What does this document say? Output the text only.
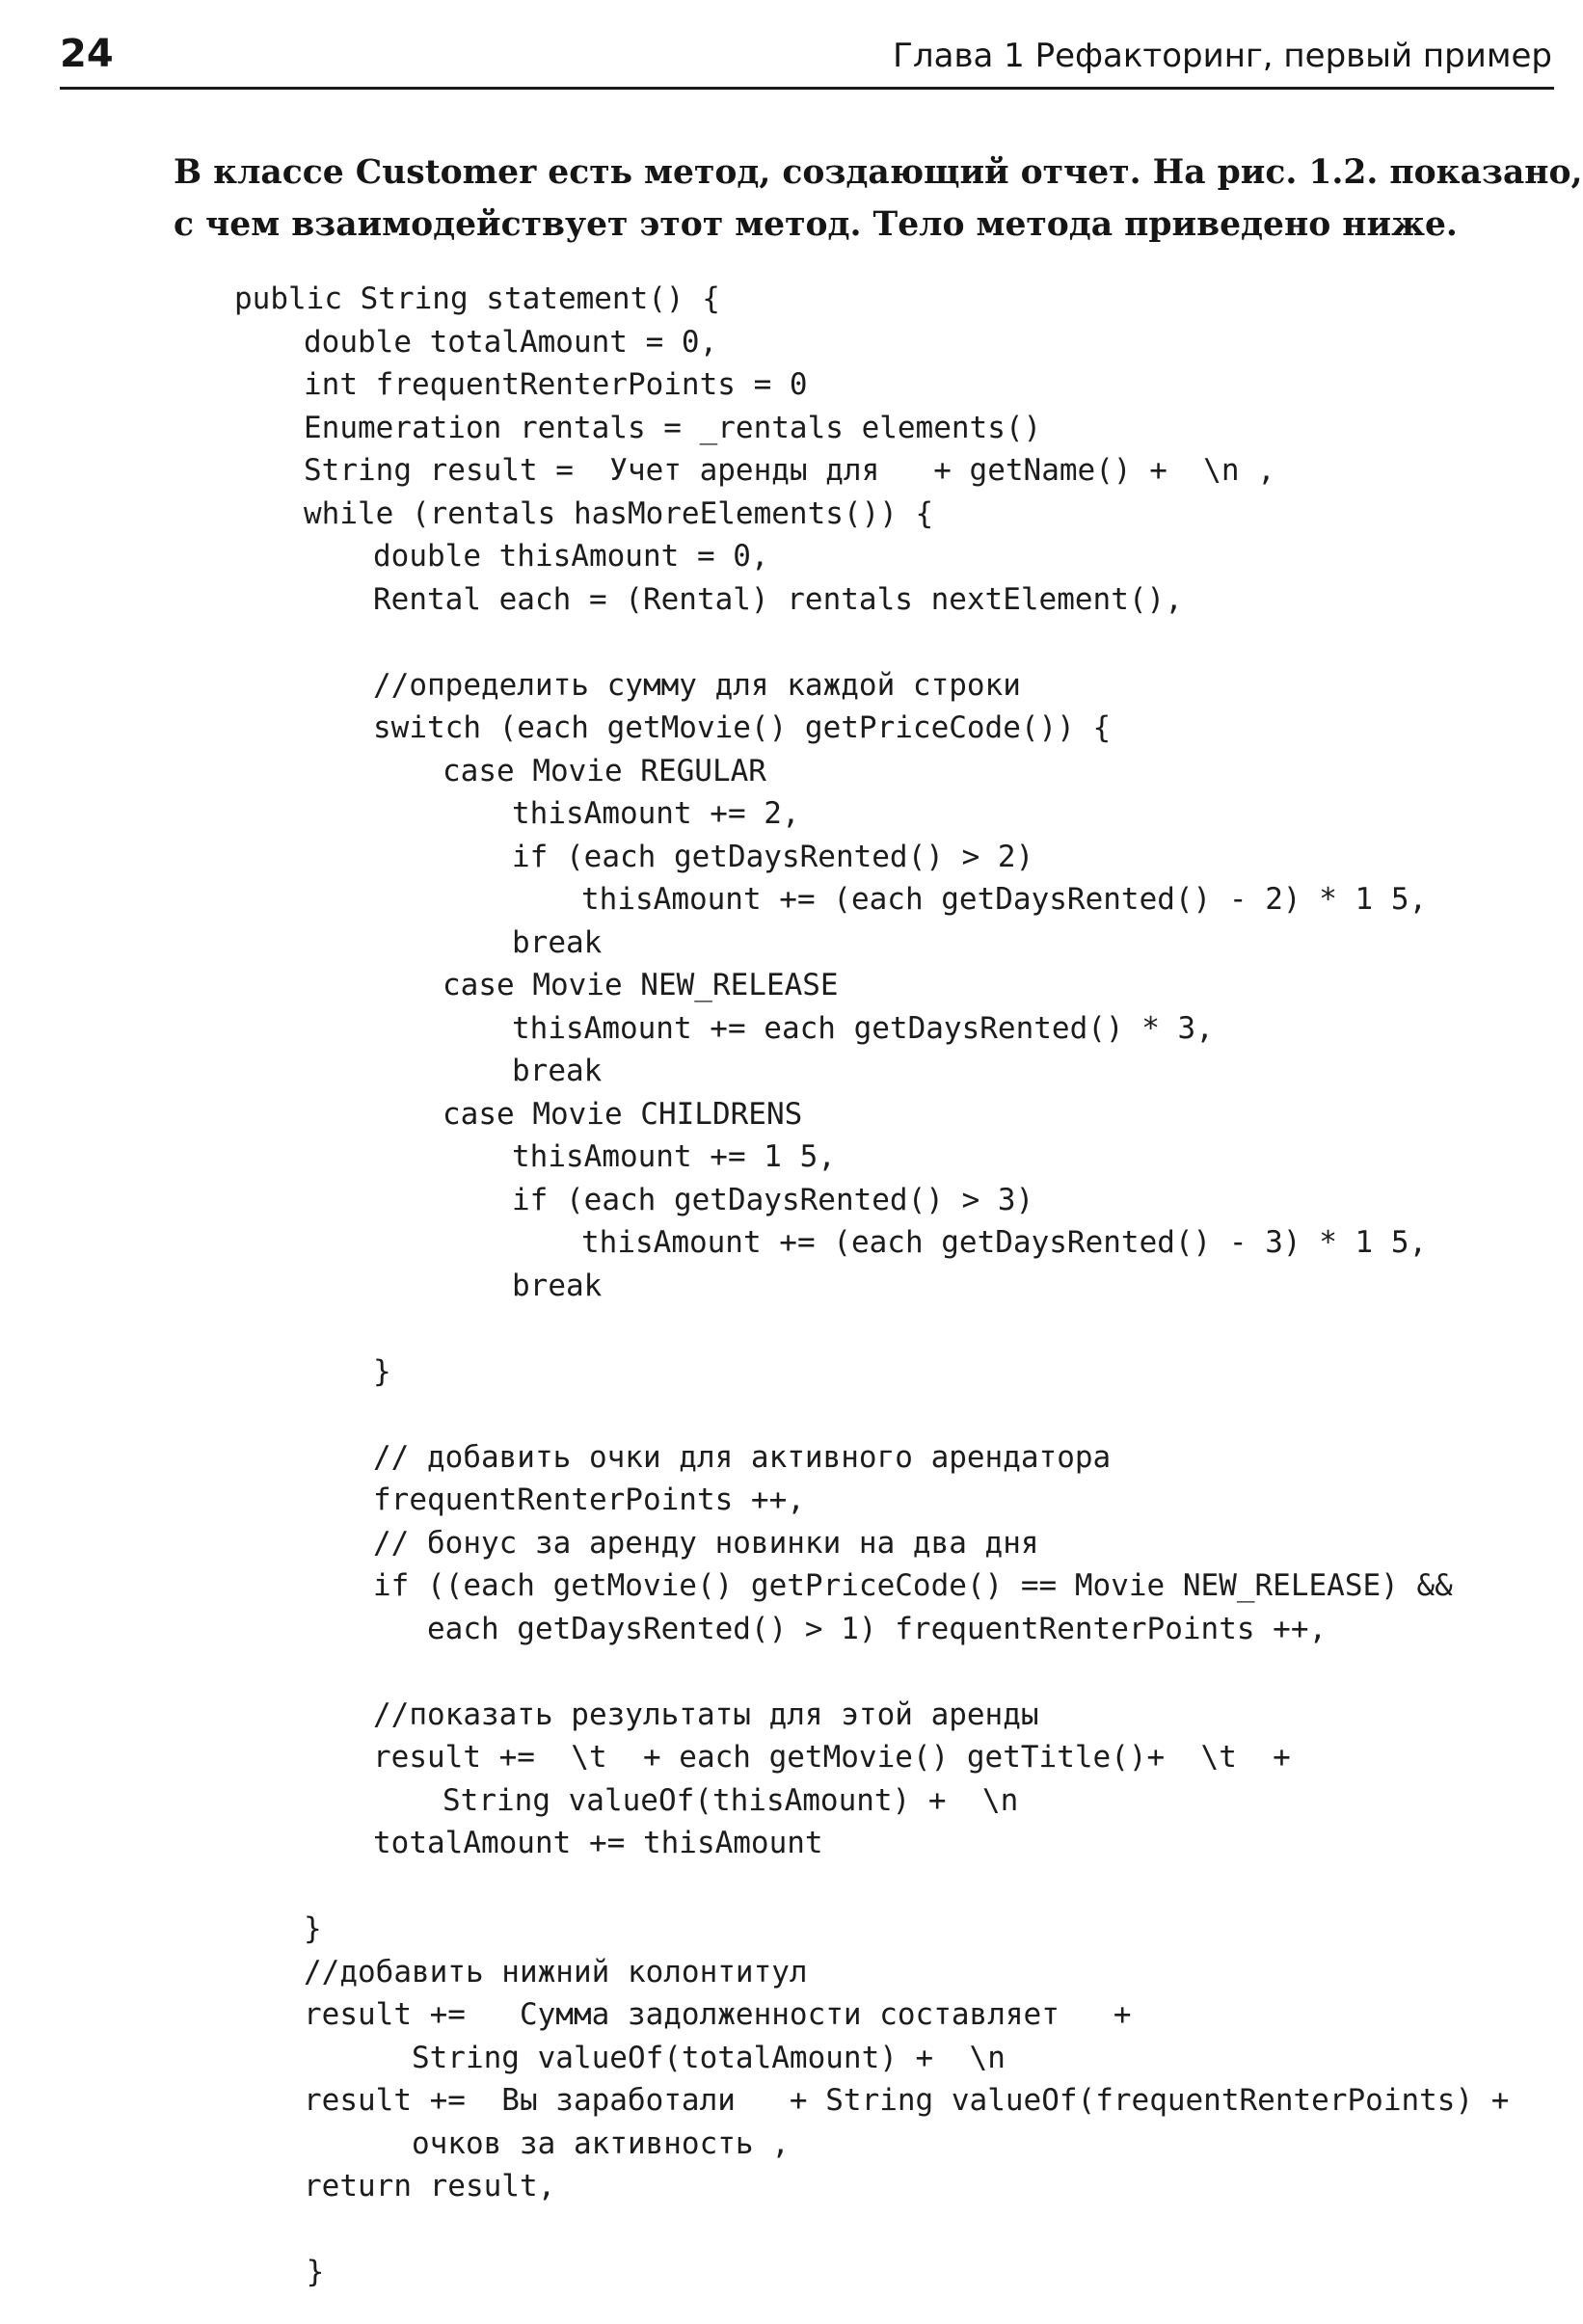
24	Глава 1 Рефакторинг, первый пример

В классе Customer есть метод, создающий отчет. На рис. 1.2. показано,

с чем взаимодействует этот метод. Тело метода приведено ниже.

public String statement() {
double totalAmount = 0,
int frequentRenterPoints = 0
Enumeration rentals = _rentals elements()
String result =  Учет аренды для   + getName() +  \n ,
while (rentals hasMoreElements()) {
double thisAmount = 0,
Rental each = (Rental) rentals nextElement(),
//определить сумму для каждой строки
switch (each getMovie() getPriceCode()) {
case Movie REGULAR
thisAmount += 2,
if (each getDaysRented() > 2)
thisAmount += (each getDaysRented() - 2) * 1 5,
break
case Movie NEW_RELEASE
thisAmount += each getDaysRented() * 3,
break
case Movie CHILDRENS
thisAmount += 1 5,
if (each getDaysRented() > 3)
thisAmount += (each getDaysRented() - 3) * 1 5,
break
}
// добавить очки для активного арендатора
frequentRenterPoints ++,
// бонус за аренду новинки на два дня
if ((each getMovie() getPriceCode() == Movie NEW_RELEASE) &&
each getDaysRented() > 1) frequentRenterPoints ++,
//показать результаты для этой аренды
result +=  \t  + each getMovie() getTitle()+  \t  +
String valueOf(thisAmount) +  \n
totalAmount += thisAmount
}
//добавить нижний колонтитул
result +=   Сумма задолженности составляет   +
String valueOf(totalAmount) +  \n
result +=  Вы заработали   + String valueOf(frequentRenterPoints) +
очков за активность ,
return result,
}
